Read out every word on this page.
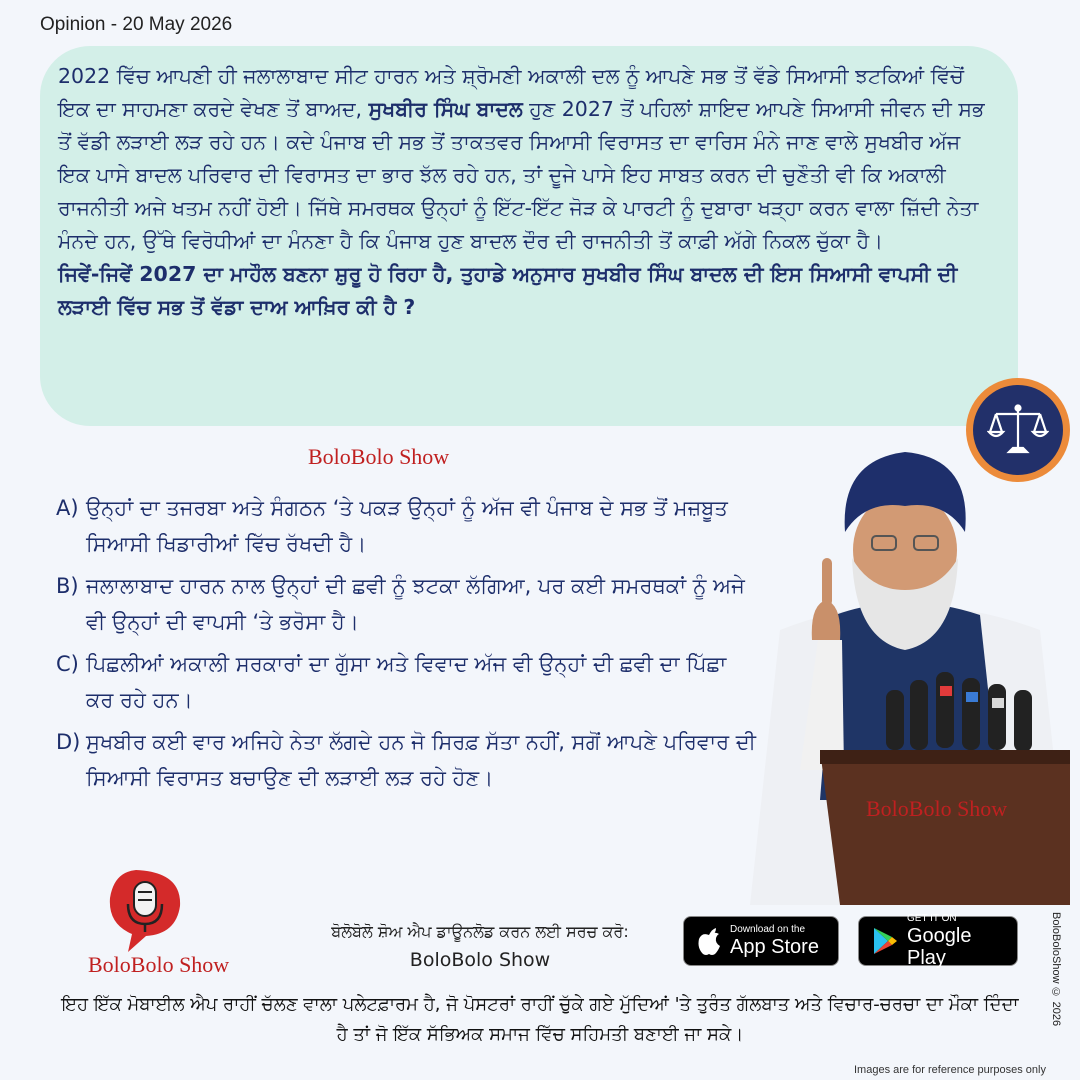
Opinion - 20 May 2026
2022 ਵਿੱਚ ਆਪਣੀ ਹੀ ਜਲਾਲਾਬਾਦ ਸੀਟ ਹਾਰਨ ਅਤੇ ਸ਼੍ਰੋਮਣੀ ਅਕਾਲੀ ਦਲ ਨੂੰ ਆਪਣੇ ਸਭ ਤੋਂ ਵੱਡੇ ਸਿਆਸੀ ਝਟਕਿਆਂ ਵਿੱਚੋਂ ਇਕ ਦਾ ਸਾਹਮਣਾ ਕਰਦੇ ਵੇਖਣ ਤੋਂ ਬਾਅਦ, ਸੁਖਬੀਰ ਸਿੰਘ ਬਾਦਲ ਹੁਣ 2027 ਤੋਂ ਪਹਿਲਾਂ ਸ਼ਾਇਦ ਆਪਣੇ ਸਿਆਸੀ ਜੀਵਨ ਦੀ ਸਭ ਤੋਂ ਵੱਡੀ ਲੜਾਈ ਲੜ ਰਹੇ ਹਨ। ਕਦੇ ਪੰਜਾਬ ਦੀ ਸਭ ਤੋਂ ਤਾਕਤਵਰ ਸਿਆਸੀ ਵਿਰਾਸਤ ਦਾ ਵਾਰਿਸ ਮੰਨੇ ਜਾਣ ਵਾਲੇ ਸੁਖਬੀਰ ਅੱਜ ਇਕ ਪਾਸੇ ਬਾਦਲ ਪਰਿਵਾਰ ਦੀ ਵਿਰਾਸਤ ਦਾ ਭਾਰ ਝੱਲ ਰਹੇ ਹਨ, ਤਾਂ ਦੂਜੇ ਪਾਸੇ ਇਹ ਸਾਬਤ ਕਰਨ ਦੀ ਚੁਣੌਤੀ ਵੀ ਕਿ ਅਕਾਲੀ ਰਾਜਨੀਤੀ ਅਜੇ ਖਤਮ ਨਹੀਂ ਹੋਈ। ਜਿੱਥੇ ਸਮਰਥਕ ਉਨ੍ਹਾਂ ਨੂੰ ਇੱਟ-ਇੱਟ ਜੋੜ ਕੇ ਪਾਰਟੀ ਨੂੰ ਦੁਬਾਰਾ ਖੜ੍ਹਾ ਕਰਨ ਵਾਲਾ ਜ਼ਿੱਦੀ ਨੇਤਾ ਮੰਨਦੇ ਹਨ, ਉੱਥੇ ਵਿਰੋਧੀਆਂ ਦਾ ਮੰਨਣਾ ਹੈ ਕਿ ਪੰਜਾਬ ਹੁਣ ਬਾਦਲ ਦੌਰ ਦੀ ਰਾਜਨੀਤੀ ਤੋਂ ਕਾਫ਼ੀ ਅੱਗੇ ਨਿਕਲ ਚੁੱਕਾ ਹੈ।
ਜਿਵੇਂ-ਜਿਵੇਂ 2027 ਦਾ ਮਾਹੌਲ ਬਣਨਾ ਸ਼ੁਰੂ ਹੋ ਰਿਹਾ ਹੈ, ਤੁਹਾਡੇ ਅਨੁਸਾਰ ਸੁਖਬੀਰ ਸਿੰਘ ਬਾਦਲ ਦੀ ਇਸ ਸਿਆਸੀ ਵਾਪਸੀ ਦੀ ਲੜਾਈ ਵਿੱਚ ਸਭ ਤੋਂ ਵੱਡਾ ਦਾਅ ਆਖ਼ਿਰ ਕੀ ਹੈ ?
BoloBolo Show
A) ਉਨ੍ਹਾਂ ਦਾ ਤਜਰਬਾ ਅਤੇ ਸੰਗਠਨ ‘ਤੇ ਪਕੜ ਉਨ੍ਹਾਂ ਨੂੰ ਅੱਜ ਵੀ ਪੰਜਾਬ ਦੇ ਸਭ ਤੋਂ ਮਜ਼ਬੂਤ ਸਿਆਸੀ ਖਿਡਾਰੀਆਂ ਵਿੱਚ ਰੱਖਦੀ ਹੈ।
B) ਜਲਾਲਾਬਾਦ ਹਾਰਨ ਨਾਲ ਉਨ੍ਹਾਂ ਦੀ ਛਵੀ ਨੂੰ ਝਟਕਾ ਲੱਗਿਆ, ਪਰ ਕਈ ਸਮਰਥਕਾਂ ਨੂੰ ਅਜੇ ਵੀ ਉਨ੍ਹਾਂ ਦੀ ਵਾਪਸੀ ‘ਤੇ ਭਰੋਸਾ ਹੈ।
C) ਪਿਛਲੀਆਂ ਅਕਾਲੀ ਸਰਕਾਰਾਂ ਦਾ ਗੁੱਸਾ ਅਤੇ ਵਿਵਾਦ ਅੱਜ ਵੀ ਉਨ੍ਹਾਂ ਦੀ ਛਵੀ ਦਾ ਪਿੱਛਾ ਕਰ ਰਹੇ ਹਨ।
D) ਸੁਖਬੀਰ ਕਈ ਵਾਰ ਅਜਿਹੇ ਨੇਤਾ ਲੱਗਦੇ ਹਨ ਜੋ ਸਿਰਫ਼ ਸੱਤਾ ਨਹੀਂ, ਸਗੋਂ ਆਪਣੇ ਪਰਿਵਾਰ ਦੀ ਸਿਆਸੀ ਵਿਰਾਸਤ ਬਚਾਉਣ ਦੀ ਲੜਾਈ ਲੜ ਰਹੇ ਹੋਣ।
BoloBolo Show
BoloBolo Show
ਬੋਲੋਬੋਲੋ ਸ਼ੋਅ ਐਪ ਡਾਊਨਲੋਡ ਕਰਨ ਲਈ ਸਰਚ ਕਰੋ:
BoloBolo Show
Download on the
App Store
GET IT ON
Google Play
ਇਹ ਇੱਕ ਮੋਬਾਈਲ ਐਪ ਰਾਹੀਂ ਚੱਲਣ ਵਾਲਾ ਪਲੇਟਫ਼ਾਰਮ ਹੈ, ਜੋ ਪੋਸਟਰਾਂ ਰਾਹੀਂ ਚੁੱਕੇ ਗਏ ਮੁੱਦਿਆਂ 'ਤੇ ਤੁਰੰਤ ਗੱਲਬਾਤ ਅਤੇ ਵਿਚਾਰ-ਚਰਚਾ ਦਾ ਮੌਕਾ ਦਿੰਦਾ ਹੈ ਤਾਂ ਜੋ ਇੱਕ ਸੱਭਿਅਕ ਸਮਾਜ ਵਿੱਚ ਸਹਿਮਤੀ ਬਣਾਈ ਜਾ ਸਕੇ।
Images are for reference purposes only
BoloBoloShow © 2026
